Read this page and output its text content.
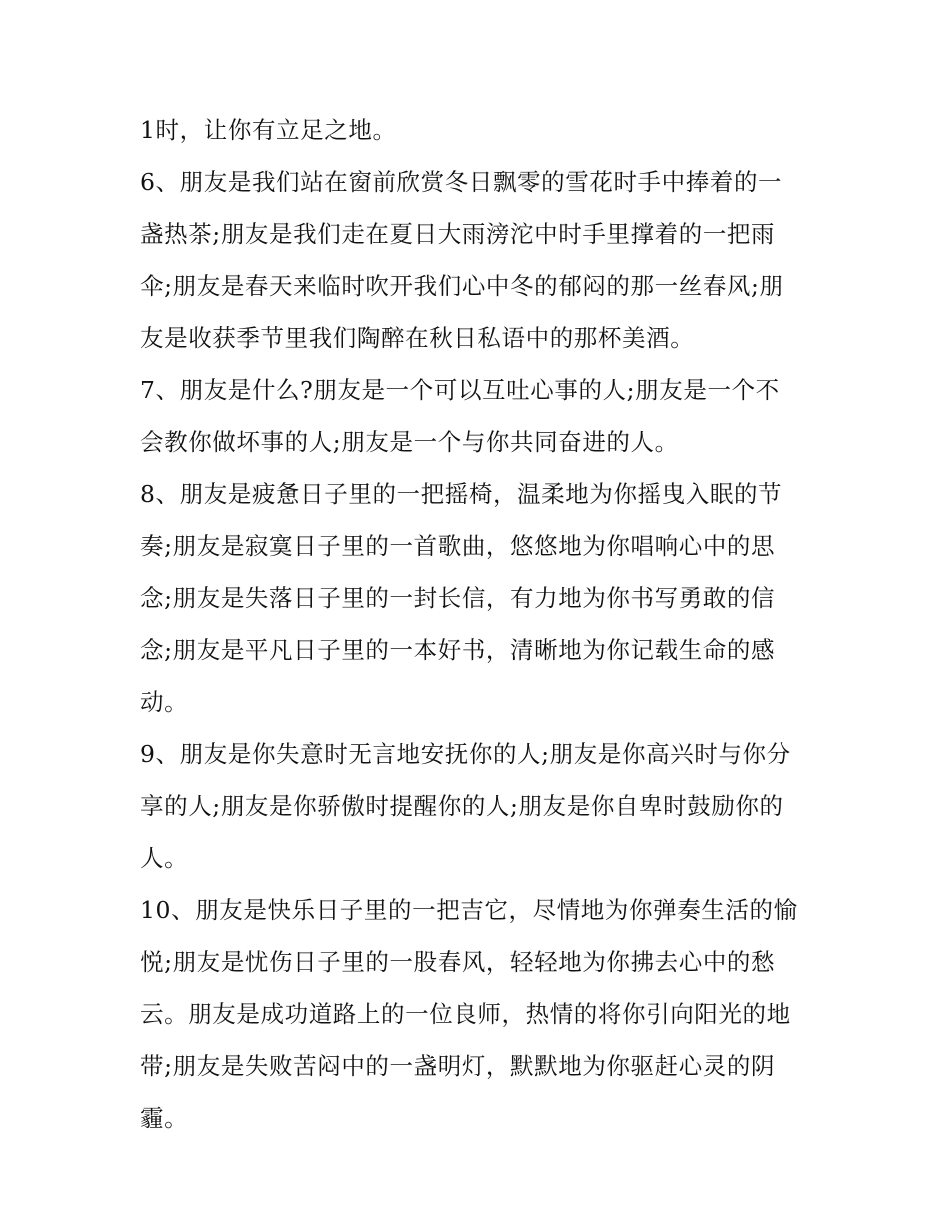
1时，让你有立足之地。
6、朋友是我们站在窗前欣赏冬日飘零的雪花时手中捧着的一
盏热茶;朋友是我们走在夏日大雨滂沱中时手里撑着的一把雨
伞;朋友是春天来临时吹开我们心中冬的郁闷的那一丝春风;朋
友是收获季节里我们陶醉在秋日私语中的那杯美酒。
7、朋友是什么?朋友是一个可以互吐心事的人;朋友是一个不
会教你做坏事的人;朋友是一个与你共同奋进的人。
8、朋友是疲惫日子里的一把摇椅，温柔地为你摇曳入眠的节
奏;朋友是寂寞日子里的一首歌曲，悠悠地为你唱响心中的思
念;朋友是失落日子里的一封长信，有力地为你书写勇敢的信
念;朋友是平凡日子里的一本好书，清晰地为你记载生命的感
动。
9、朋友是你失意时无言地安抚你的人;朋友是你高兴时与你分
享的人;朋友是你骄傲时提醒你的人;朋友是你自卑时鼓励你的
人。
10、朋友是快乐日子里的一把吉它，尽情地为你弹奏生活的愉
悦;朋友是忧伤日子里的一股春风，轻轻地为你拂去心中的愁
云。朋友是成功道路上的一位良师，热情的将你引向阳光的地
带;朋友是失败苦闷中的一盏明灯，默默地为你驱赶心灵的阴
霾。
